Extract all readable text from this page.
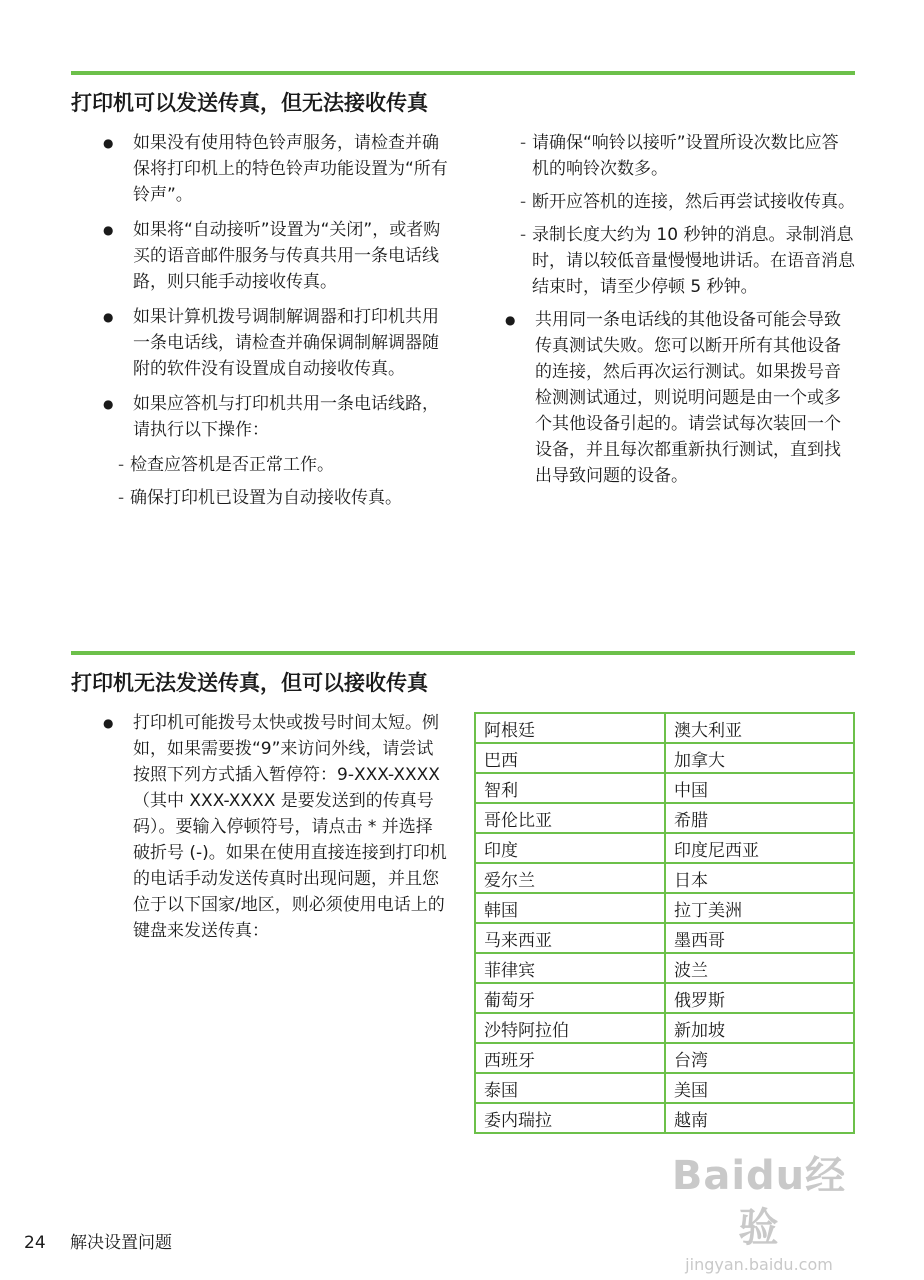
打印机可以发送传真，但无法接收传真

● 如果没有使用特色铃声服务，请检查并确保将打印机上的特色铃声功能设置为“所有铃声”。

● 如果将“自动接听”设置为“关闭”，或者购买的语音邮件服务与传真共用一条电话线路，则只能手动接收传真。

● 如果计算机拨号调制解调器和打印机共用一条电话线，请检查并确保调制解调器随附的软件没有设置成自动接收传真。

● 如果应答机与打印机共用一条电话线路，请执行以下操作：

- 检查应答机是否正常工作。

- 确保打印机已设置为自动接收传真。

- 请确保“响铃以接听”设置所设次数比应答机的响铃次数多。

- 断开应答机的连接，然后再尝试接收传真。

- 录制长度大约为 10 秒钟的消息。录制消息时，请以较低音量慢慢地讲话。在语音消息结束时，请至少停顿 5 秒钟。

● 共用同一条电话线的其他设备可能会导致传真测试失败。您可以断开所有其他设备的连接，然后再次运行测试。如果拨号音检测测试通过，则说明问题是由一个或多个其他设备引起的。请尝试每次装回一个设备，并且每次都重新执行测试，直到找出导致问题的设备。

打印机无法发送传真，但可以接收传真

● 打印机可能拨号太快或拨号时间太短。例如，如果需要拨“9”来访问外线，请尝试按照下列方式插入暂停符：9-XXX-XXXX（其中 XXX-XXXX 是要发送到的传真号码）。要输入停顿符号，请点击 * 并选择破折号 (-)。如果在使用直接连接到打印机的电话手动发送传真时出现问题，并且您位于以下国家/地区，则必须使用电话上的键盘来发送传真：

阿根廷	澳大利亚
巴西	加拿大
智利	中国
哥伦比亚	希腊
印度	印度尼西亚
爱尔兰	日本
韩国	拉丁美洲
马来西亚	墨西哥
菲律宾	波兰
葡萄牙	俄罗斯
沙特阿拉伯	新加坡
西班牙	台湾
泰国	美国
委内瑞拉	越南
24 解决设置问题
Baidu经验
jingyan.baidu.com
